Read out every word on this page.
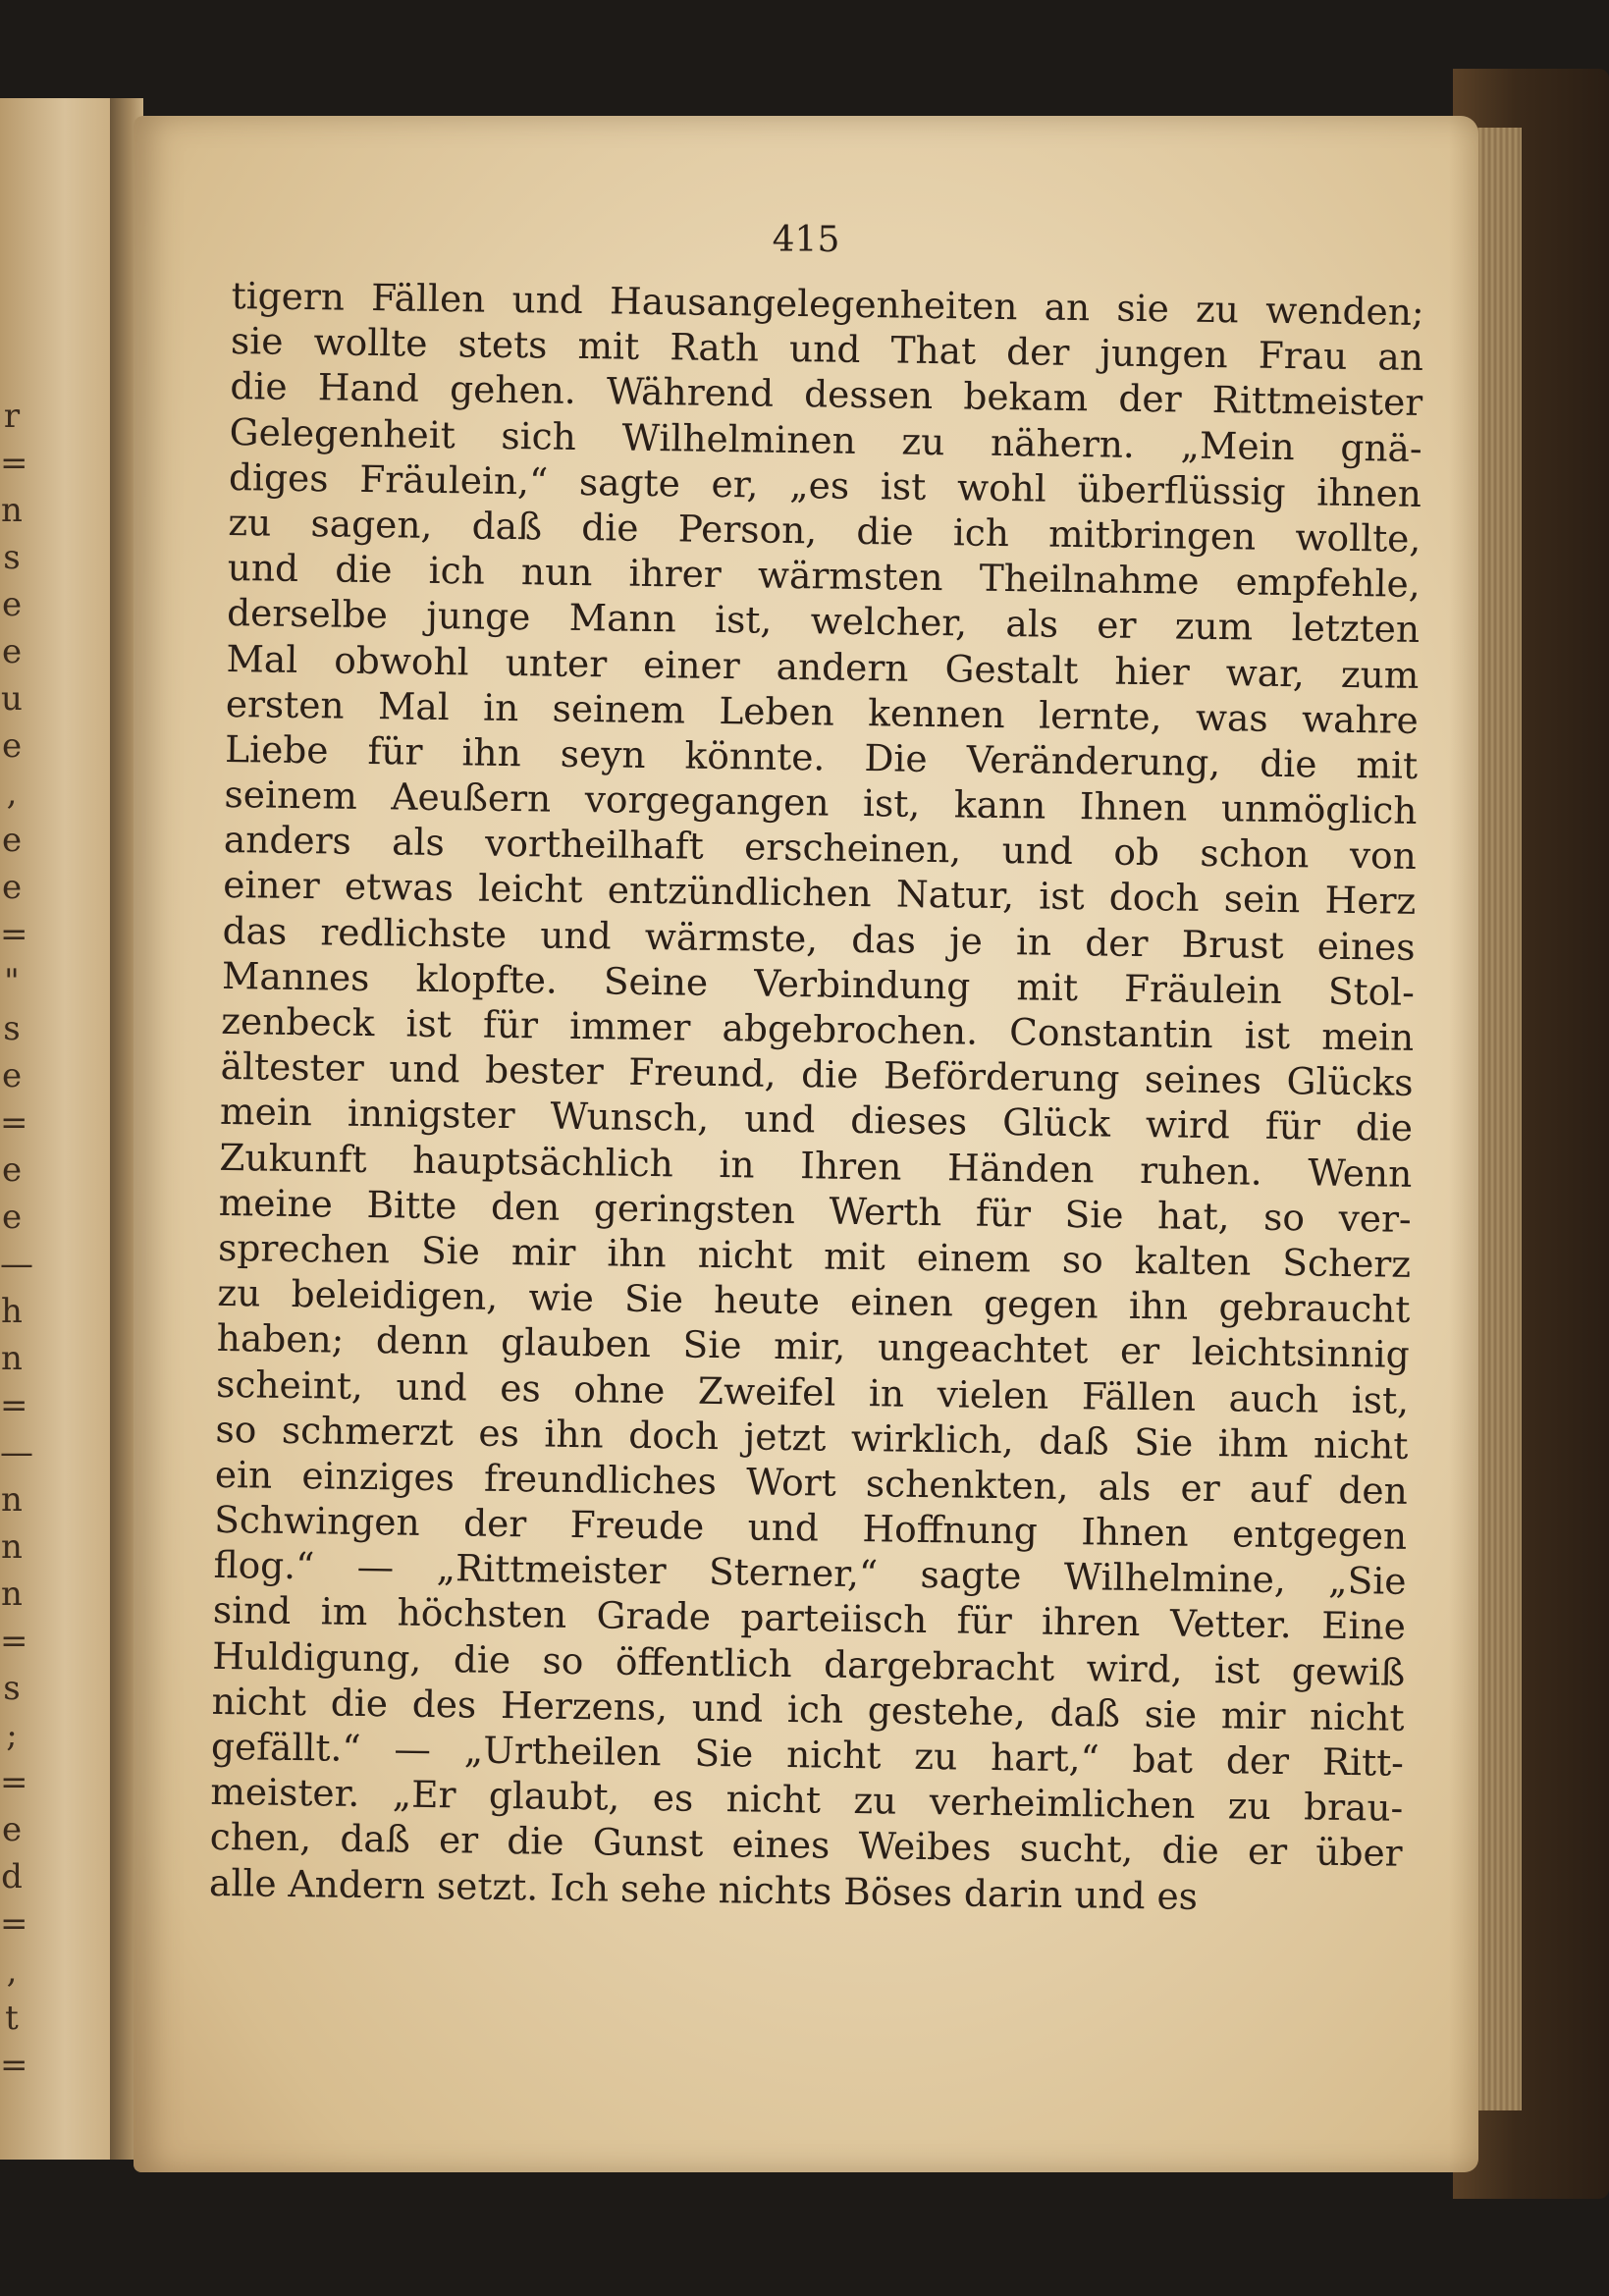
r
=
n
s
e
e
u
e
,
e
e
=
"
s
e
=
e
e
—
h
n
=
—
n
n
n
=
s
;
=
e
d
=
,
t
=
415
tigern Fällen und Hausangelegenheiten an sie zu wenden;
sie wollte stets mit Rath und That der jungen Frau an
die Hand gehen. Während dessen bekam der Rittmeister
Gelegenheit sich Wilhelminen zu nähern. „Mein gnä-
diges Fräulein,“ sagte er, „es ist wohl überflüssig ihnen
zu sagen, daß die Person, die ich mitbringen wollte,
und die ich nun ihrer wärmsten Theilnahme empfehle,
derselbe junge Mann ist, welcher, als er zum letzten
Mal obwohl unter einer andern Gestalt hier war, zum
ersten Mal in seinem Leben kennen lernte, was wahre
Liebe für ihn seyn könnte. Die Veränderung, die mit
seinem Aeußern vorgegangen ist, kann Ihnen unmöglich
anders als vortheilhaft erscheinen, und ob schon von
einer etwas leicht entzündlichen Natur, ist doch sein Herz
das redlichste und wärmste, das je in der Brust eines
Mannes klopfte. Seine Verbindung mit Fräulein Stol-
zenbeck ist für immer abgebrochen. Constantin ist mein
ältester und bester Freund, die Beförderung seines Glücks
mein innigster Wunsch, und dieses Glück wird für die
Zukunft hauptsächlich in Ihren Händen ruhen. Wenn
meine Bitte den geringsten Werth für Sie hat, so ver-
sprechen Sie mir ihn nicht mit einem so kalten Scherz
zu beleidigen, wie Sie heute einen gegen ihn gebraucht
haben; denn glauben Sie mir, ungeachtet er leichtsinnig
scheint, und es ohne Zweifel in vielen Fällen auch ist,
so schmerzt es ihn doch jetzt wirklich, daß Sie ihm nicht
ein einziges freundliches Wort schenkten, als er auf den
Schwingen der Freude und Hoffnung Ihnen entgegen
flog.“ — „Rittmeister Sterner,“ sagte Wilhelmine, „Sie
sind im höchsten Grade parteiisch für ihren Vetter. Eine
Huldigung, die so öffentlich dargebracht wird, ist gewiß
nicht die des Herzens, und ich gestehe, daß sie mir nicht
gefällt.“ — „Urtheilen Sie nicht zu hart,“ bat der Ritt-
meister. „Er glaubt, es nicht zu verheimlichen zu brau-
chen, daß er die Gunst eines Weibes sucht, die er über
alle Andern setzt. Ich sehe nichts Böses darin und es
